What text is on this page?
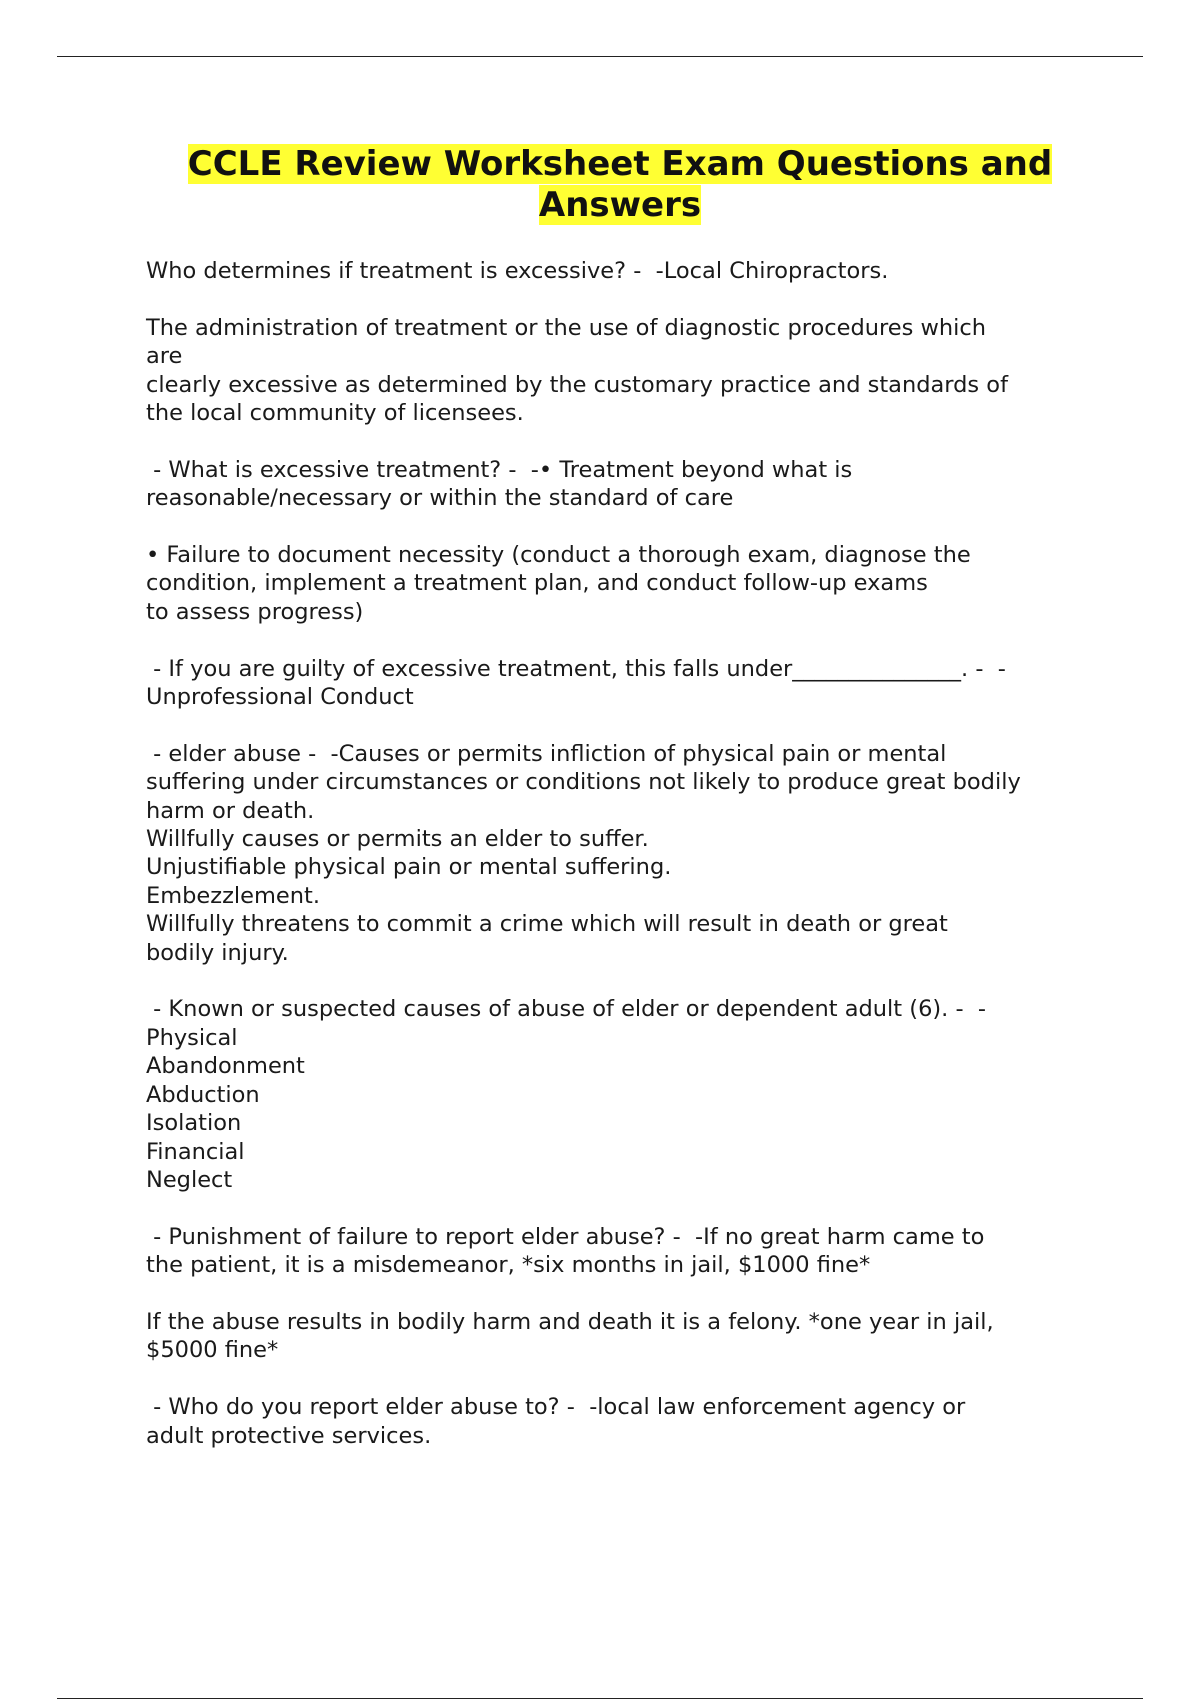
CCLE Review Worksheet Exam Questions and
Answers
Who determines if treatment is excessive? -  -Local Chiropractors.
The administration of treatment or the use of diagnostic procedures which
are
clearly excessive as determined by the customary practice and standards of
the local community of licensees.
- What is excessive treatment? -  -• Treatment beyond what is
reasonable/necessary or within the standard of care
• Failure to document necessity (conduct a thorough exam, diagnose the
condition, implement a treatment plan, and conduct follow-up exams
to assess progress)
- If you are guilty of excessive treatment, this falls under_______________. -  -
Unprofessional Conduct
- elder abuse -  -Causes or permits infliction of physical pain or mental
suffering under circumstances or conditions not likely to produce great bodily
harm or death.
Willfully causes or permits an elder to suffer.
Unjustifiable physical pain or mental suffering.
Embezzlement.
Willfully threatens to commit a crime which will result in death or great
bodily injury.
- Known or suspected causes of abuse of elder or dependent adult (6). -  -
Physical
Abandonment
Abduction
Isolation
Financial
Neglect
- Punishment of failure to report elder abuse? -  -If no great harm came to
the patient, it is a misdemeanor, *six months in jail, $1000 fine*
If the abuse results in bodily harm and death it is a felony. *one year in jail,
$5000 fine*
- Who do you report elder abuse to? -  -local law enforcement agency or
adult protective services.
